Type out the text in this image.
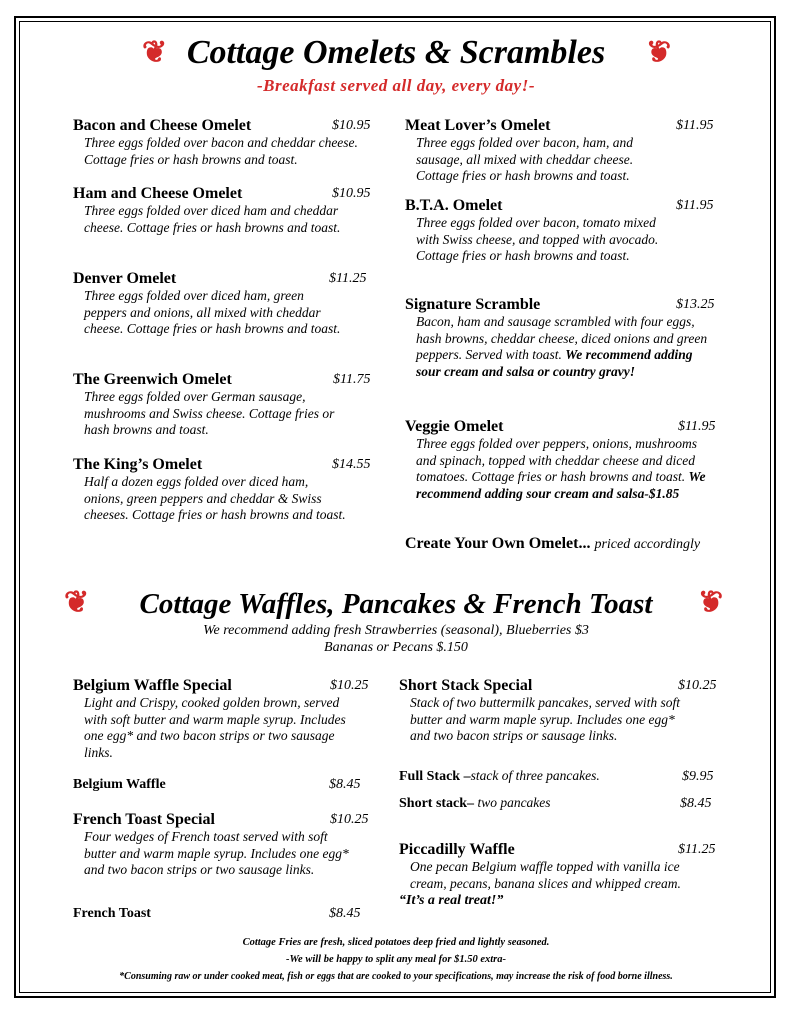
❦ Cottage Omelets & Scrambles	❦
-Breakfast served all day, every day!-
Bacon and Cheese Omelet	$10.95
Three eggs folded over bacon and cheddar cheese. Cottage fries or hash browns and toast.
Ham and Cheese Omelet	$10.95
Three eggs folded over diced ham and cheddar cheese. Cottage fries or hash browns and toast.
Denver Omelet	$11.25
Three eggs folded over diced ham, green peppers and onions, all mixed with cheddar cheese. Cottage fries or hash browns and toast.
The Greenwich Omelet	$11.75
Three eggs folded over German sausage, mushrooms and Swiss cheese. Cottage fries or hash browns and toast.
The King’s Omelet	$14.55
Half a dozen eggs folded over diced ham, onions, green peppers and cheddar & Swiss cheeses. Cottage fries or hash browns and toast.
Meat Lover’s Omelet	$11.95
Three eggs folded over bacon, ham, and sausage, all mixed with cheddar cheese. Cottage fries or hash browns and toast.
B.T.A. Omelet	$11.95
Three eggs folded over bacon, tomato mixed with Swiss cheese, and topped with avocado. Cottage fries or hash browns and toast.
Signature Scramble	$13.25
Bacon, ham and sausage scrambled with four eggs, hash browns, cheddar cheese, diced onions and green peppers. Served with toast. We recommend adding sour cream and salsa or country gravy!
Veggie Omelet	$11.95
Three eggs folded over peppers, onions, mushrooms and spinach, topped with cheddar cheese and diced tomatoes. Cottage fries or hash browns and toast. We recommend adding sour cream and salsa-$1.85
Create Your Own Omelet... priced accordingly
❦	Cottage Waffles, Pancakes & French Toast	❦
We recommend adding fresh Strawberries (seasonal), Blueberries $3
Bananas or Pecans $.150
Belgium Waffle Special	$10.25
Light and Crispy, cooked golden brown, served with soft butter and warm maple syrup. Includes one egg* and two bacon strips or two sausage links.
Belgium Waffle	$8.45
French Toast Special	$10.25
Four wedges of French toast served with soft butter and warm maple syrup. Includes one egg* and two bacon strips or two sausage links.
French Toast	$8.45
Short Stack Special	$10.25
Stack of two buttermilk pancakes, served with soft butter and warm maple syrup. Includes one egg* and two bacon strips or sausage links.
Full Stack –stack of three pancakes.	$9.95
Short stack– two pancakes	$8.45
Piccadilly Waffle	$11.25
One pecan Belgium waffle topped with vanilla ice cream, pecans, banana slices and whipped cream.
“It’s a real treat!”
Cottage Fries are fresh, sliced potatoes deep fried and lightly seasoned.
-We will be happy to split any meal for $1.50 extra-
*Consuming raw or under cooked meat, fish or eggs that are cooked to your specifications, may increase the risk of food borne illness.
